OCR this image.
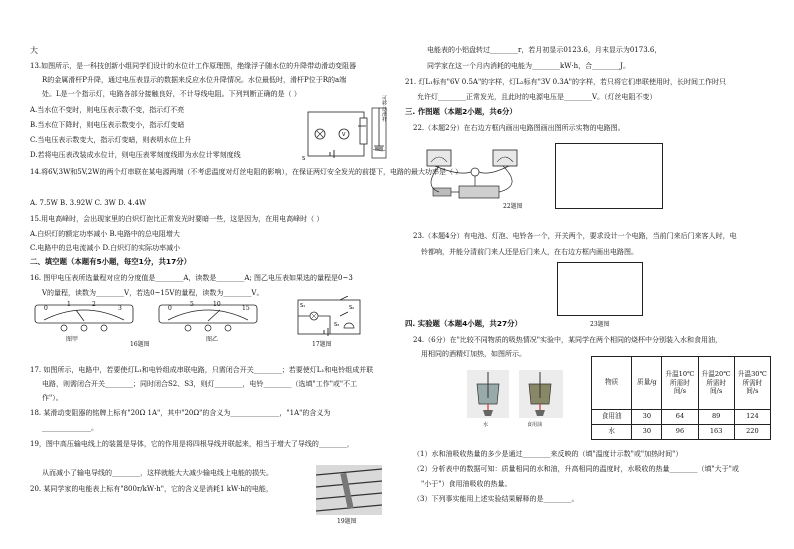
大
13.如图所示，是一科技创新小组同学们设计的水位计工作原理图，绝缘浮子随水位的升降带动滑动变阻器
R的金属滑杆P升降，通过电压表显示的数据来反应水位升降情况。水位最低时，滑杆P位于R的a端
处。L是一个指示灯，电路各部分接触良好，不计导线电阻。下列判断正确的是（ ）
A.当水位不变时，则电压表示数不变，指示灯不亮
B.当水位下降时，则电压表示数变小，指示灯变暗
C.当电压表示数变大，指示灯变暗，则表明水位上升
D.若将电压表改装成水位计，则电压表零刻度线即为水位计零刻度线
V
S
可移动滑杆
14.将6V,3W和5V,2W的两个灯串联在某电源两端（不考虑温度对灯丝电阻的影响），在保证两灯安全发光的前提下，电路的最大功率是（ ）
A. 7.5W B. 3.92W C. 3W D. 4.4W
15.用电高峰时，会出现家里的白炽灯泡比正常发光时要暗一些，这是因为，在用电高峰时（ ）
A.白炽灯的额定功率减小 B.电路中的总电阻增大
C.电路中的总电流减小 D.白炽灯的实际功率减小
二、填空题（本题有5小题，每空1分，共17分）
16. 图甲电压表所选量程对应的分度值是________A，读数是________A; 图乙电压表如果选的量程是0~3
V的量程，读数为________V，若选0~15V的量程，读数为________V。
0
1	2
3
图甲
0
5	10
15
16题图
图乙
S₁	S₂
S₃
17题图
17. 如图所示，电路中，若要使灯L₁和电铃组成串联电路，只需闭合开关________；若要使灯L₁和电铃组成并联
电路，则需闭合开关________；同时闭合S2、S3，则灯________，电铃________（选填"工作"或"不工
作"）。
18. 某滑动变阻器的铭牌上标有"20Ω 1A"，其中"20Ω"的含义为______________，"1A"的含义为
______________。
19，图中高压输电线上的装置是导体，它的作用是将四根导线并联起来，相当于增大了导线的________，
从而减小了输电导线的________，这样就能大大减少输电线上电能的损失。
20. 某同学家的电能表上标有"800r/kW·h"，它的含义是消耗1 kW·h的电能，
19题图
电能表的小铝盘转过________r，若月初显示0123.6，月末显示为0173.6，
同学家在这一个月内消耗的电能为________kW·h，合________J。
21. 灯L₁标有"6V 0.5A"的字样，灯L₂标有"3V 0.3A"的字样，若只将它们串联使用时，长时间工作时只
允许灯________正常发光，且此时的电源电压是________V。（灯丝电阻不变）
三. 作图题（本题2小题，共6分）
22.（本题2分）在右边方框内画出电路图画出图所示实物的电路图。
22题图
23.（本题4分）有电池、灯泡、电铃各一个，开关两个，要求设计一个电路，当前门来后门来客人时，电
铃都响，并能分清前门来人还是后门来人，在右边方框内画出电路图。
23题图
四. 实验题（本题4小题，共27分）
24.（6分）在"比较不同物质的吸热情况"实验中，某同学在两个相同的烧杯中分别装入水和食用油，
用相同的酒精灯加热，如图所示。
水	食用油
物质	质量/g	升温10℃所需时间/s	升温20℃所需时间/s	升温30℃所需时间/s
食用油	30	64	89	124
水	30	96	163	220
（1）水和油吸收热量的多少是通过________来反映的（填"温度计示数"或"加热时间"）
（2）分析表中的数据可知：质量相同的水和油，升高相同的温度时，水吸收的热量________（填"大于"或
"小于"）食用油吸收的热量。
（3）下列事实能用上述实验结果解释的是________。
